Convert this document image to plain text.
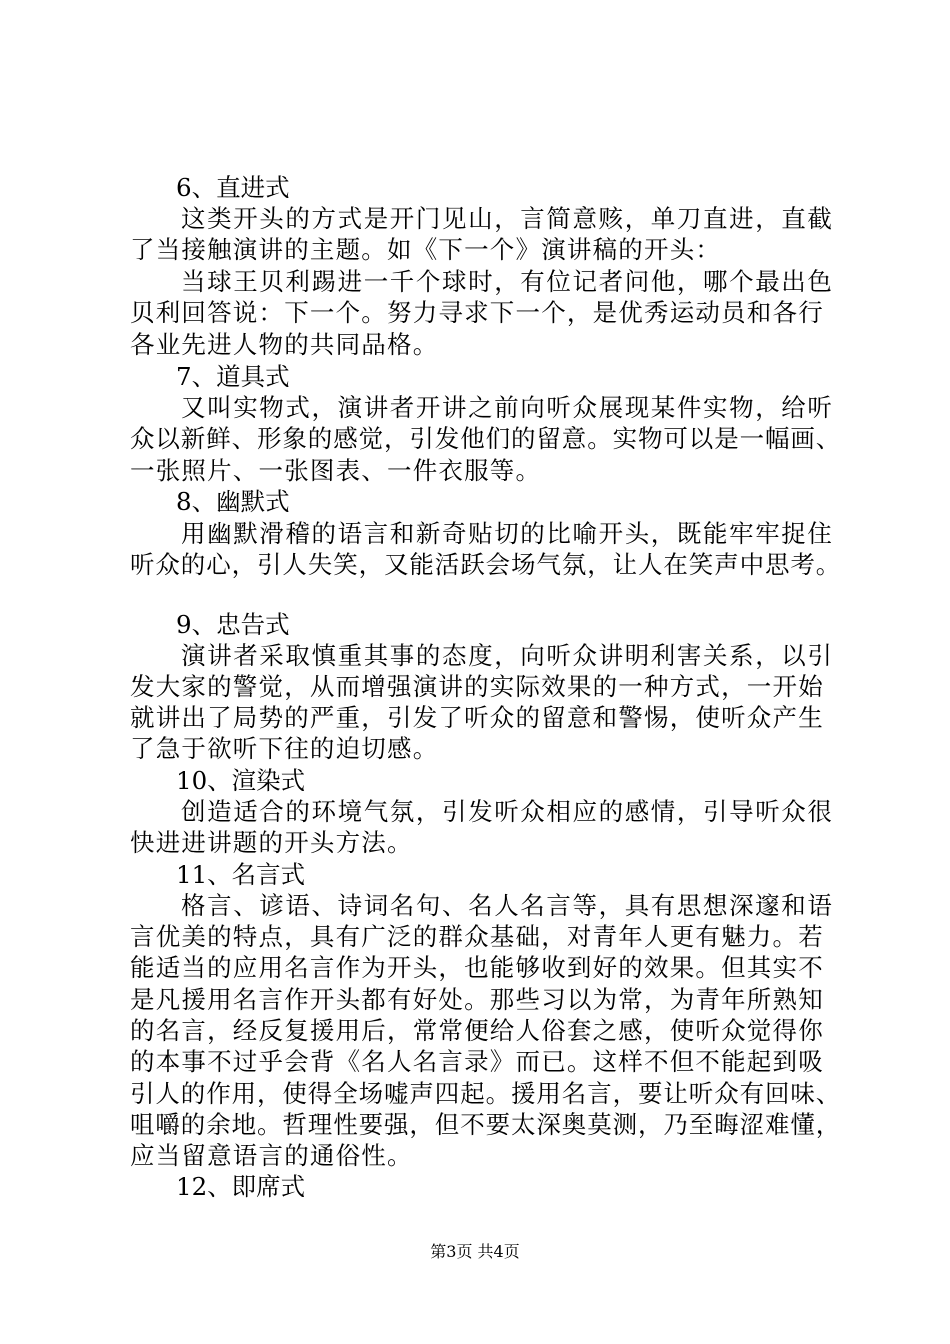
6、直进式
这类开头的方式是开门见山，言简意赅，单刀直进，直截
了当接触演讲的主题。如《下一个》演讲稿的开头：
当球王贝利踢进一千个球时，有位记者问他，哪个最出色
贝利回答说：下一个。努力寻求下一个，是优秀运动员和各行
各业先进人物的共同品格。
7、道具式
又叫实物式，演讲者开讲之前向听众展现某件实物，给听
众以新鲜、形象的感觉，引发他们的留意。实物可以是一幅画、
一张照片、一张图表、一件衣服等。
8、幽默式
用幽默滑稽的语言和新奇贴切的比喻开头，既能牢牢捉住
听众的心，引人失笑，又能活跃会场气氛，让人在笑声中思考。
9、忠告式
演讲者采取慎重其事的态度，向听众讲明利害关系，以引
发大家的警觉，从而增强演讲的实际效果的一种方式，一开始
就讲出了局势的严重，引发了听众的留意和警惕，使听众产生
了急于欲听下往的迫切感。
10、渲染式
创造适合的环境气氛，引发听众相应的感情，引导听众很
快进进讲题的开头方法。
11、名言式
格言、谚语、诗词名句、名人名言等，具有思想深邃和语
言优美的特点，具有广泛的群众基础，对青年人更有魅力。若
能适当的应用名言作为开头，也能够收到好的效果。但其实不
是凡援用名言作开头都有好处。那些习以为常，为青年所熟知
的名言，经反复援用后，常常便给人俗套之感，使听众觉得你
的本事不过乎会背《名人名言录》而已。这样不但不能起到吸
引人的作用，使得全场嘘声四起。援用名言，要让听众有回味、
咀嚼的余地。哲理性要强，但不要太深奥莫测，乃至晦涩难懂，
应当留意语言的通俗性。
12、即席式
第3页 共4页
